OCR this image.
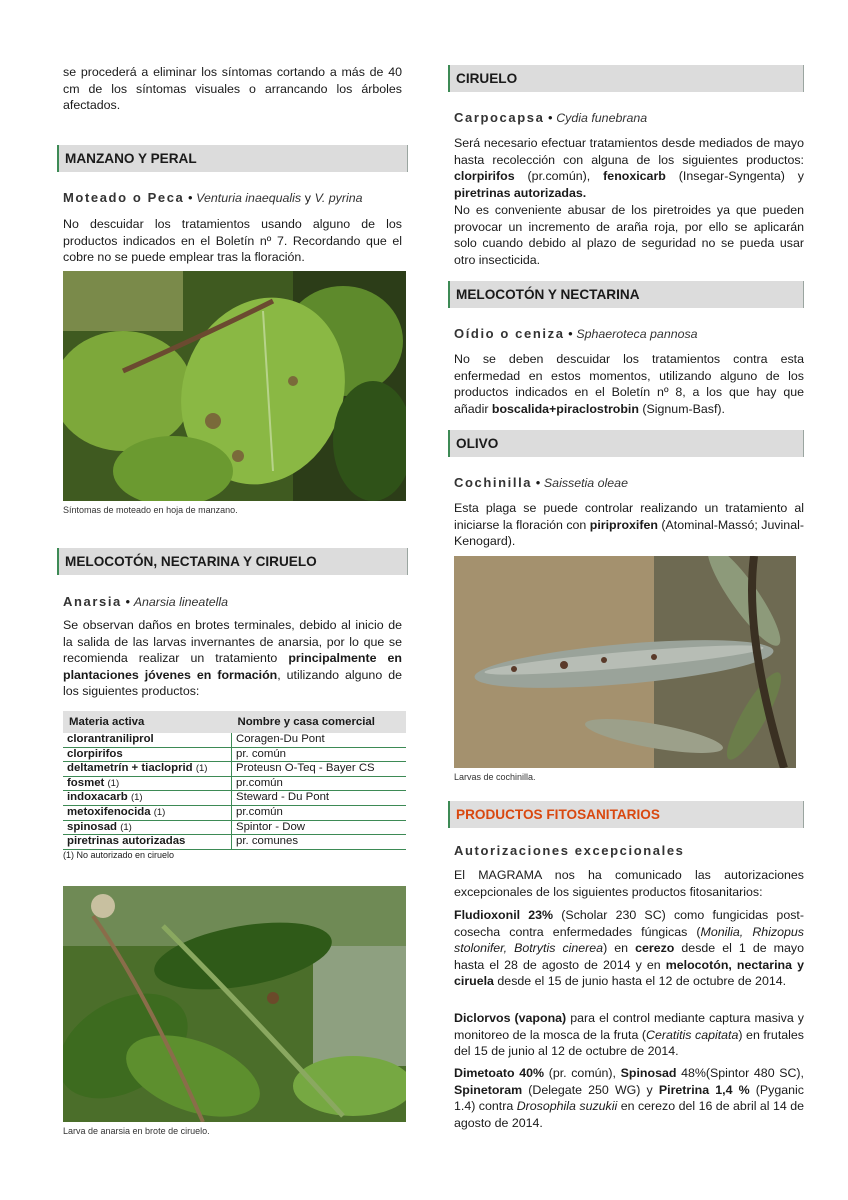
se procederá a eliminar los síntomas cortando a más de 40 cm de los síntomas visuales o arrancando los árboles afectados.

MANZANO Y PERAL
Moteado o Peca • Venturia inaequalis y V. pyrina

No descuidar los tratamientos usando alguno de los productos indicados en el Boletín nº 7. Recordando que el cobre no se puede emplear tras la floración.

Síntomas de moteado en hoja de manzano.
MELOCOTÓN, NECTARINA Y CIRUELO
Anarsia • Anarsia lineatella

Se observan daños en brotes terminales, debido al inicio de la salida de las larvas invernantes de anarsia, por lo que se recomienda realizar un tratamiento principalmente en plantaciones jóvenes en formación, utilizando alguno de los siguientes productos:

Materia activa	Nombre y casa comercial
clorantraniliprol	Coragen-Du Pont
clorpirifos	pr. común
deltametrín + tiacloprid (1)	Proteusn O-Teq - Bayer CS
fosmet (1)	pr.común
indoxacarb (1)	Steward - Du Pont
metoxifenocida (1)	pr.común
spinosad (1)	Spintor - Dow
piretrinas autorizadas	pr. comunes
(1) No autorizado en ciruelo
Larva de anarsia en brote de ciruelo.
CIRUELO
Carpocapsa • Cydia funebrana

Será necesario efectuar tratamientos desde mediados de mayo hasta recolección con alguna de los siguientes productos: clorpirifos (pr.común), fenoxicarb (Insegar-Syngenta) y piretrinas autorizadas.

No es conveniente abusar de los piretroides ya que pueden provocar un incremento de araña roja, por ello se aplicarán solo cuando debido al plazo de seguridad no se pueda usar otro insecticida.

MELOCOTÓN Y NECTARINA
Oídio o ceniza • Sphaeroteca pannosa

No se deben descuidar los tratamientos contra esta enfermedad en estos momentos, utilizando alguno de los productos indicados en el Boletín nº 8, a los que hay que añadir boscalida+piraclostrobin (Signum-Basf).

OLIVO
Cochinilla • Saissetia oleae

Esta plaga se puede controlar realizando un tratamiento al iniciarse la floración con piriproxifen (Atominal-Massó; Juvinal-Kenogard).

Larvas de cochinilla.
PRODUCTOS FITOSANITARIOS
Autorizaciones excepcionales

El MAGRAMA nos ha comunicado las autorizaciones excepcionales de los siguientes productos fitosanitarios:

Fludioxonil 23% (Scholar 230 SC) como fungicidas post-cosecha contra enfermedades fúngicas (Monilia, Rhizopus stolonifer, Botrytis cinerea) en cerezo desde el 1 de mayo hasta el 28 de agosto de 2014 y en melocotón, nectarina y ciruela desde el 15 de junio hasta el 12 de octubre de 2014.

Diclorvos (vapona) para el control mediante captura masiva y monitoreo de la mosca de la fruta (Ceratitis capitata) en frutales del 15 de junio al 12 de octubre de 2014.

Dimetoato 40% (pr. común), Spinosad 48%(Spintor 480 SC), Spinetoram (Delegate 250 WG) y Piretrina 1,4 % (Pyganic 1.4) contra Drosophila suzukii en cerezo del 16 de abril al 14 de agosto de 2014.
